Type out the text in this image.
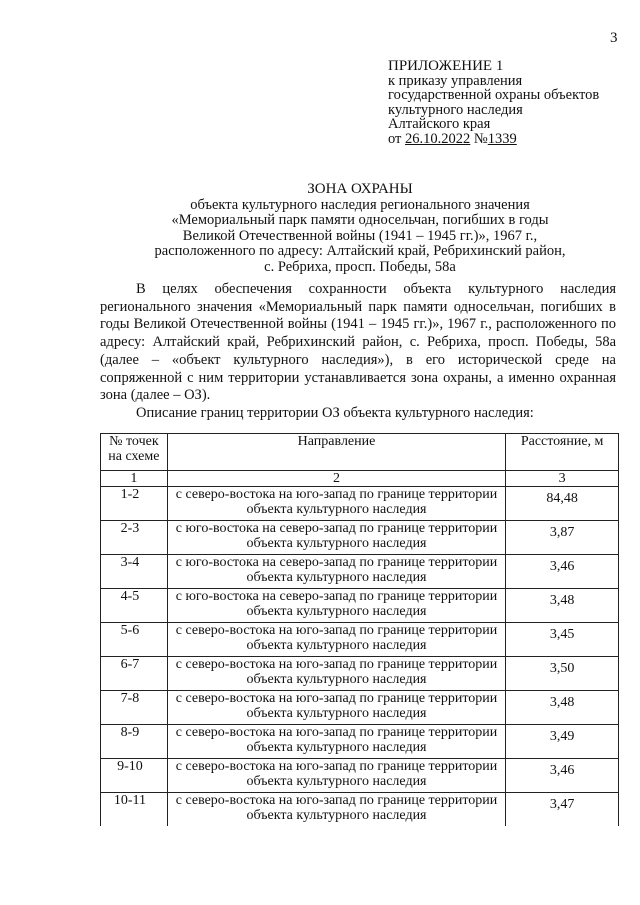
3
ПРИЛОЖЕНИЕ 1
к приказу управления
государственной охраны объектов
культурного наследия
Алтайского края
от 26.10.2022 №1339
ЗОНА ОХРАНЫ
объекта культурного наследия регионального значения
«Мемориальный парк памяти односельчан, погибших в годы
Великой Отечественной войны (1941 – 1945 гг.)», 1967 г.,
расположенного по адресу: Алтайский край, Ребрихинский район,
с. Ребриха, просп. Победы, 58а

В целях обеспечения сохранности объекта культурного наследия регионального значения «Мемориальный парк памяти односельчан, погибших в годы Великой Отечественной войны (1941 – 1945 гг.)», 1967 г., расположенного по адресу: Алтайский край, Ребрихинский район, с. Ребриха, просп. Победы, 58а (далее – «объект культурного наследия»), в его исторической среде на сопряженной с ним территории устанавливается зона охраны, а именно охранная зона (далее – ОЗ).

Описание границ территории ОЗ объекта культурного наследия:
№ точек на схеме	Направление	Расстояние, м
1	2	3
1-2	с северо-востока на юго-запад по границе территории объекта культурного наследия	84,48
2-3	с юго-востока на северо-запад по границе территории объекта культурного наследия	3,87
3-4	с юго-востока на северо-запад по границе территории объекта культурного наследия	3,46
4-5	с юго-востока на северо-запад по границе территории объекта культурного наследия	3,48
5-6	с северо-востока на юго-запад по границе территории объекта культурного наследия	3,45
6-7	с северо-востока на юго-запад по границе территории объекта культурного наследия	3,50
7-8	с северо-востока на юго-запад по границе территории объекта культурного наследия	3,48
8-9	с северо-востока на юго-запад по границе территории объекта культурного наследия	3,49
9-10	с северо-востока на юго-запад по границе территории объекта культурного наследия	3,46
10-11	с северо-востока на юго-запад по границе территории объекта культурного наследия	3,47
